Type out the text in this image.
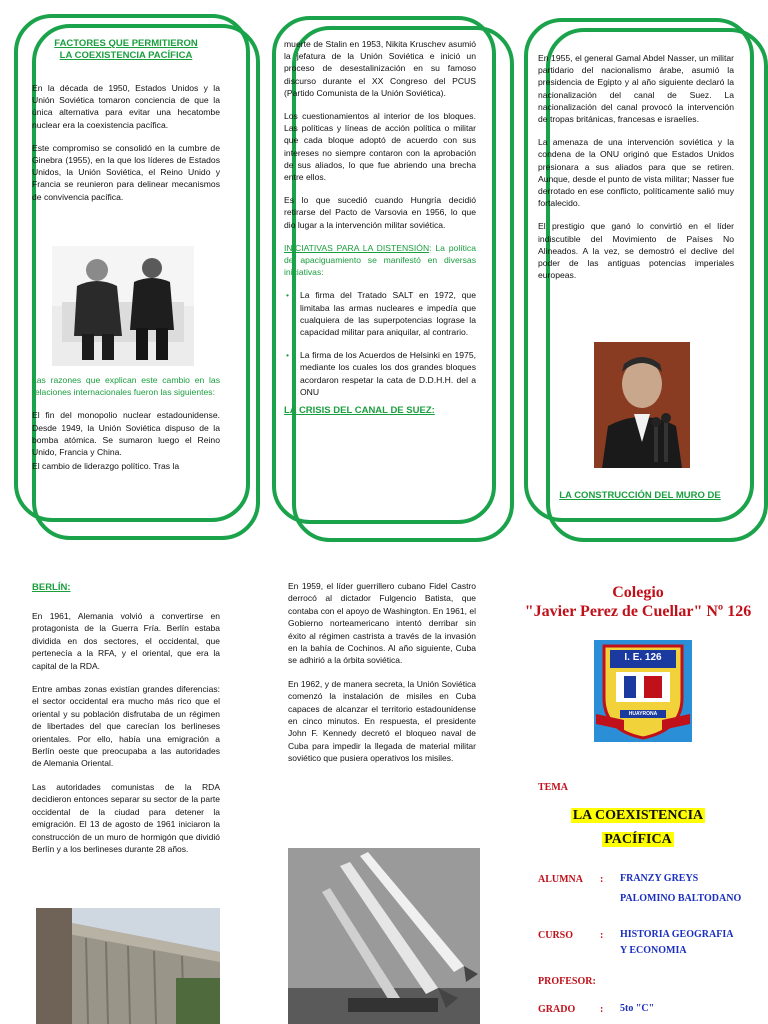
FACTORES QUE PERMITIERON
LA COEXISTENCIA PACÍFICA

En la década de 1950, Estados Unidos y la Unión Soviética tomaron conciencia de que la única alternativa para evitar una hecatombe nuclear era la coexistencia pacífica.

Este compromiso se consolidó en la cumbre de Ginebra (1955), en la que los líderes de Estados Unidos, la Unión Soviética, el Reino Unido y Francia se reunieron para delinear mecanismos de convivencia pacífica.

Las razones que explican este cambio en las relaciones internacionales fueron las siguientes:

El fin del monopolio nuclear estadounidense. Desde 1949, la Unión Soviética dispuso de la bomba atómica. Se sumaron luego el Reino Unido, Francia y China.

El cambio de liderazgo político. Tras la

muerte de Stalin en 1953, Nikita Kruschev asumió la jefatura de la Unión Soviética e inició un proceso de desestalinización en su famoso discurso durante el XX Congreso del PCUS (Partido Comunista de la Unión Soviética).

Los cuestionamientos al interior de los bloques. Las políticas y líneas de acción política o militar que cada bloque adoptó de acuerdo con sus intereses no siempre contaron con la aprobación de sus aliados, lo que fue abriendo una brecha entre ellos.

Es lo que sucedió cuando Hungría decidió retirarse del Pacto de Varsovia en 1956, lo que dio lugar a la intervención militar soviética.

INICIATIVAS PARA LA DISTENSIÓN: La política de apaciguamiento se manifestó en diversas iniciativas:

• La firma del Tratado SALT en 1972, que limitaba las armas nucleares e impedía que cualquiera de las superpotencias lograse la capacidad militar para aniquilar, al contrario.
• La firma de los Acuerdos de Helsinki en 1975, mediante los cuales los dos grandes bloques acordaron respetar la cata de D.D.H.H. del a ONU
LA CRISIS DEL CANAL DE SUEZ:

En 1955, el general Gamal Abdel Nasser, un militar partidario del nacionalismo árabe, asumió la presidencia de Egipto y al año siguiente declaró la nacionalización del canal de Suez. La nacionalización del canal provocó la intervención de tropas británicas, francesas e israelíes.

La amenaza de una intervención soviética y la condena de la ONU originó que Estados Unidos presionara a sus aliados para que se retiren. Aunque, desde el punto de vista militar; Nasser fue derrotado en ese conflicto, políticamente salió muy fortalecido.

El prestigio que ganó lo convirtió en el líder indiscutible del Movimiento de Países No Alineados. A la vez, se demostró el declive del poder de las antiguas potencias imperiales europeas.

LA CONSTRUCCIÓN DEL MURO DE
BERLÍN:

En 1961, Alemania volvió a convertirse en protagonista de la Guerra Fría. Berlín estaba dividida en dos sectores, el occidental, que pertenecía a la RFA, y el oriental, que era la capital de la RDA.

Entre ambas zonas existían grandes diferencias: el sector occidental era mucho más rico que el oriental y su población disfrutaba de un régimen de libertades del que carecían los berlineses orientales. Por ello, había una emigración a Berlín oeste que preocupaba a las autoridades de Alemania Oriental.

Las autoridades comunistas de la RDA decidieron entonces separar su sector de la parte occidental de la ciudad para detener la emigración. El 13 de agosto de 1961 iniciaron la construcción de un muro de hormigón que dividió Berlín y a los berlineses durante 28 años.

En 1959, el líder guerrillero cubano Fidel Castro derrocó al dictador Fulgencio Batista, que contaba con el apoyo de Washington. En 1961, el Gobierno norteamericano intentó derribar sin éxito al régimen castrista a través de la invasión en la bahía de Cochinos. Al año siguiente, Cuba se adhirió a la órbita soviética.

En 1962, y de manera secreta, la Unión Soviética comenzó la instalación de misiles en Cuba capaces de alcanzar el territorio estadounidense en cinco minutos. En respuesta, el presidente John F. Kennedy decretó el bloqueo naval de Cuba para impedir la llegada de material militar soviético que pusiera operativos los misiles.

Colegio
"Javier Perez de Cuellar" Nº 126
I. E. 126
HUAYRONA
TEMA
LA COEXISTENCIA
PACÍFICA
ALUMNA : FRANZY GREYS
PALOMINO BALTODANO
CURSO	: HISTORIA GEOGRAFIA
Y ECONOMIA
PROFESOR:
GRADO : 5to "C"
